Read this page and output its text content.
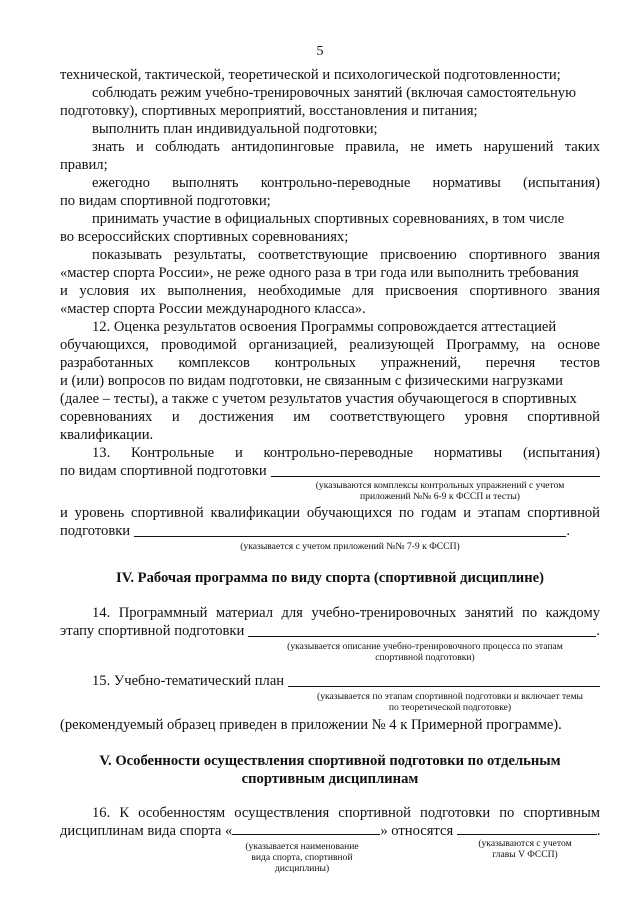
5
технической, тактической, теоретической и психологической подготовленности;
соблюдать режим учебно-тренировочных занятий (включая самостоятельную
подготовку), спортивных мероприятий, восстановления и питания;
выполнить план индивидуальной подготовки;
знать и соблюдать антидопинговые правила, не иметь нарушений таких
правил;
ежегодно выполнять контрольно-переводные нормативы (испытания)
по видам спортивной подготовки;
принимать участие в официальных спортивных соревнованиях, в том числе
во всероссийских спортивных соревнованиях;
показывать результаты, соответствующие присвоению спортивного звания
«мастер спорта России», не реже одного раза в три года или выполнить требования
и условия их выполнения, необходимые для присвоения спортивного звания
«мастер спорта России международного класса».
12. Оценка результатов освоения Программы сопровождается аттестацией
обучающихся, проводимой организацией, реализующей Программу, на основе
разработанных комплексов контрольных упражнений, перечня тестов
и (или) вопросов по видам подготовки, не связанным с физическими нагрузками
(далее – тесты), а также с учетом результатов участия обучающегося в спортивных
соревнованиях и достижения им соответствующего уровня спортивной
квалификации.
13. Контрольные и контрольно-переводные нормативы (испытания)
по видам спортивной подготовки
(указываются комплексы контрольных упражнений с учетом
приложений №№ 6-9 к ФССП и тесты)
и уровень спортивной квалификации обучающихся по годам и этапам спортивной
подготовки	.
(указывается с учетом приложений №№ 7-9 к ФССП)
IV. Рабочая программа по виду спорта (спортивной дисциплине)
14. Программный материал для учебно-тренировочных занятий по каждому
этапу спортивной подготовки	.
(указывается описание учебно-тренировочного процесса по этапам
спортивной подготовки)
15. Учебно-тематический план
(указывается по этапам спортивной подготовки и включает темы
по теоретической подготовке)
(рекомендуемый образец приведен в приложении № 4 к Примерной программе).
V. Особенности осуществления спортивной подготовки по отдельным
спортивным дисциплинам
16. К особенностям осуществления спортивной подготовки по спортивным
дисциплинам вида спорта «	» относятся	.
(указывается наименование
вида спорта, спортивной
дисциплины)
(указываются с учетом
главы V ФССП)
